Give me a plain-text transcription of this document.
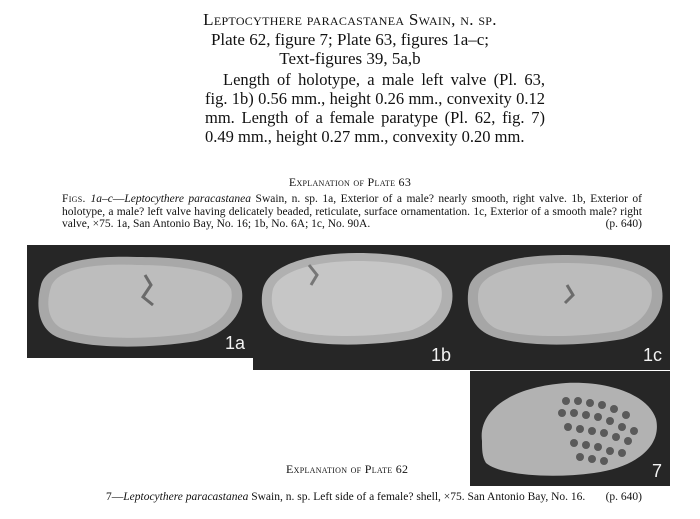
Leptocythere paracastanea Swain, n. sp.
Plate 62, figure 7; Plate 63, figures 1a–c;
Text-figures 39, 5a,b
Length of holotype, a male left valve (Pl. 63, fig. 1b) 0.56 mm., height 0.26 mm., convexity 0.12 mm. Length of a female paratype (Pl. 62, fig. 7) 0.49 mm., height 0.27 mm., convexity 0.20 mm.
Explanation of Plate 63
Figs. 1a–c—Leptocythere paracastanea Swain, n. sp. 1a, Exterior of a male? nearly smooth, right valve. 1b, Exterior of holotype, a male? left valve having delicately beaded, reticulate, surface ornamentation. 1c, Exterior of a smooth male? right valve, ×75. 1a, San Antonio Bay, No. 16; 1b, No. 6A; 1c, No. 90A.	(p. 640)
1a
1b	1c
7
Explanation of Plate 62
7—Leptocythere paracastanea Swain, n. sp. Left side of a female? shell, ×75. San Antonio Bay, No. 16. (p. 640)
